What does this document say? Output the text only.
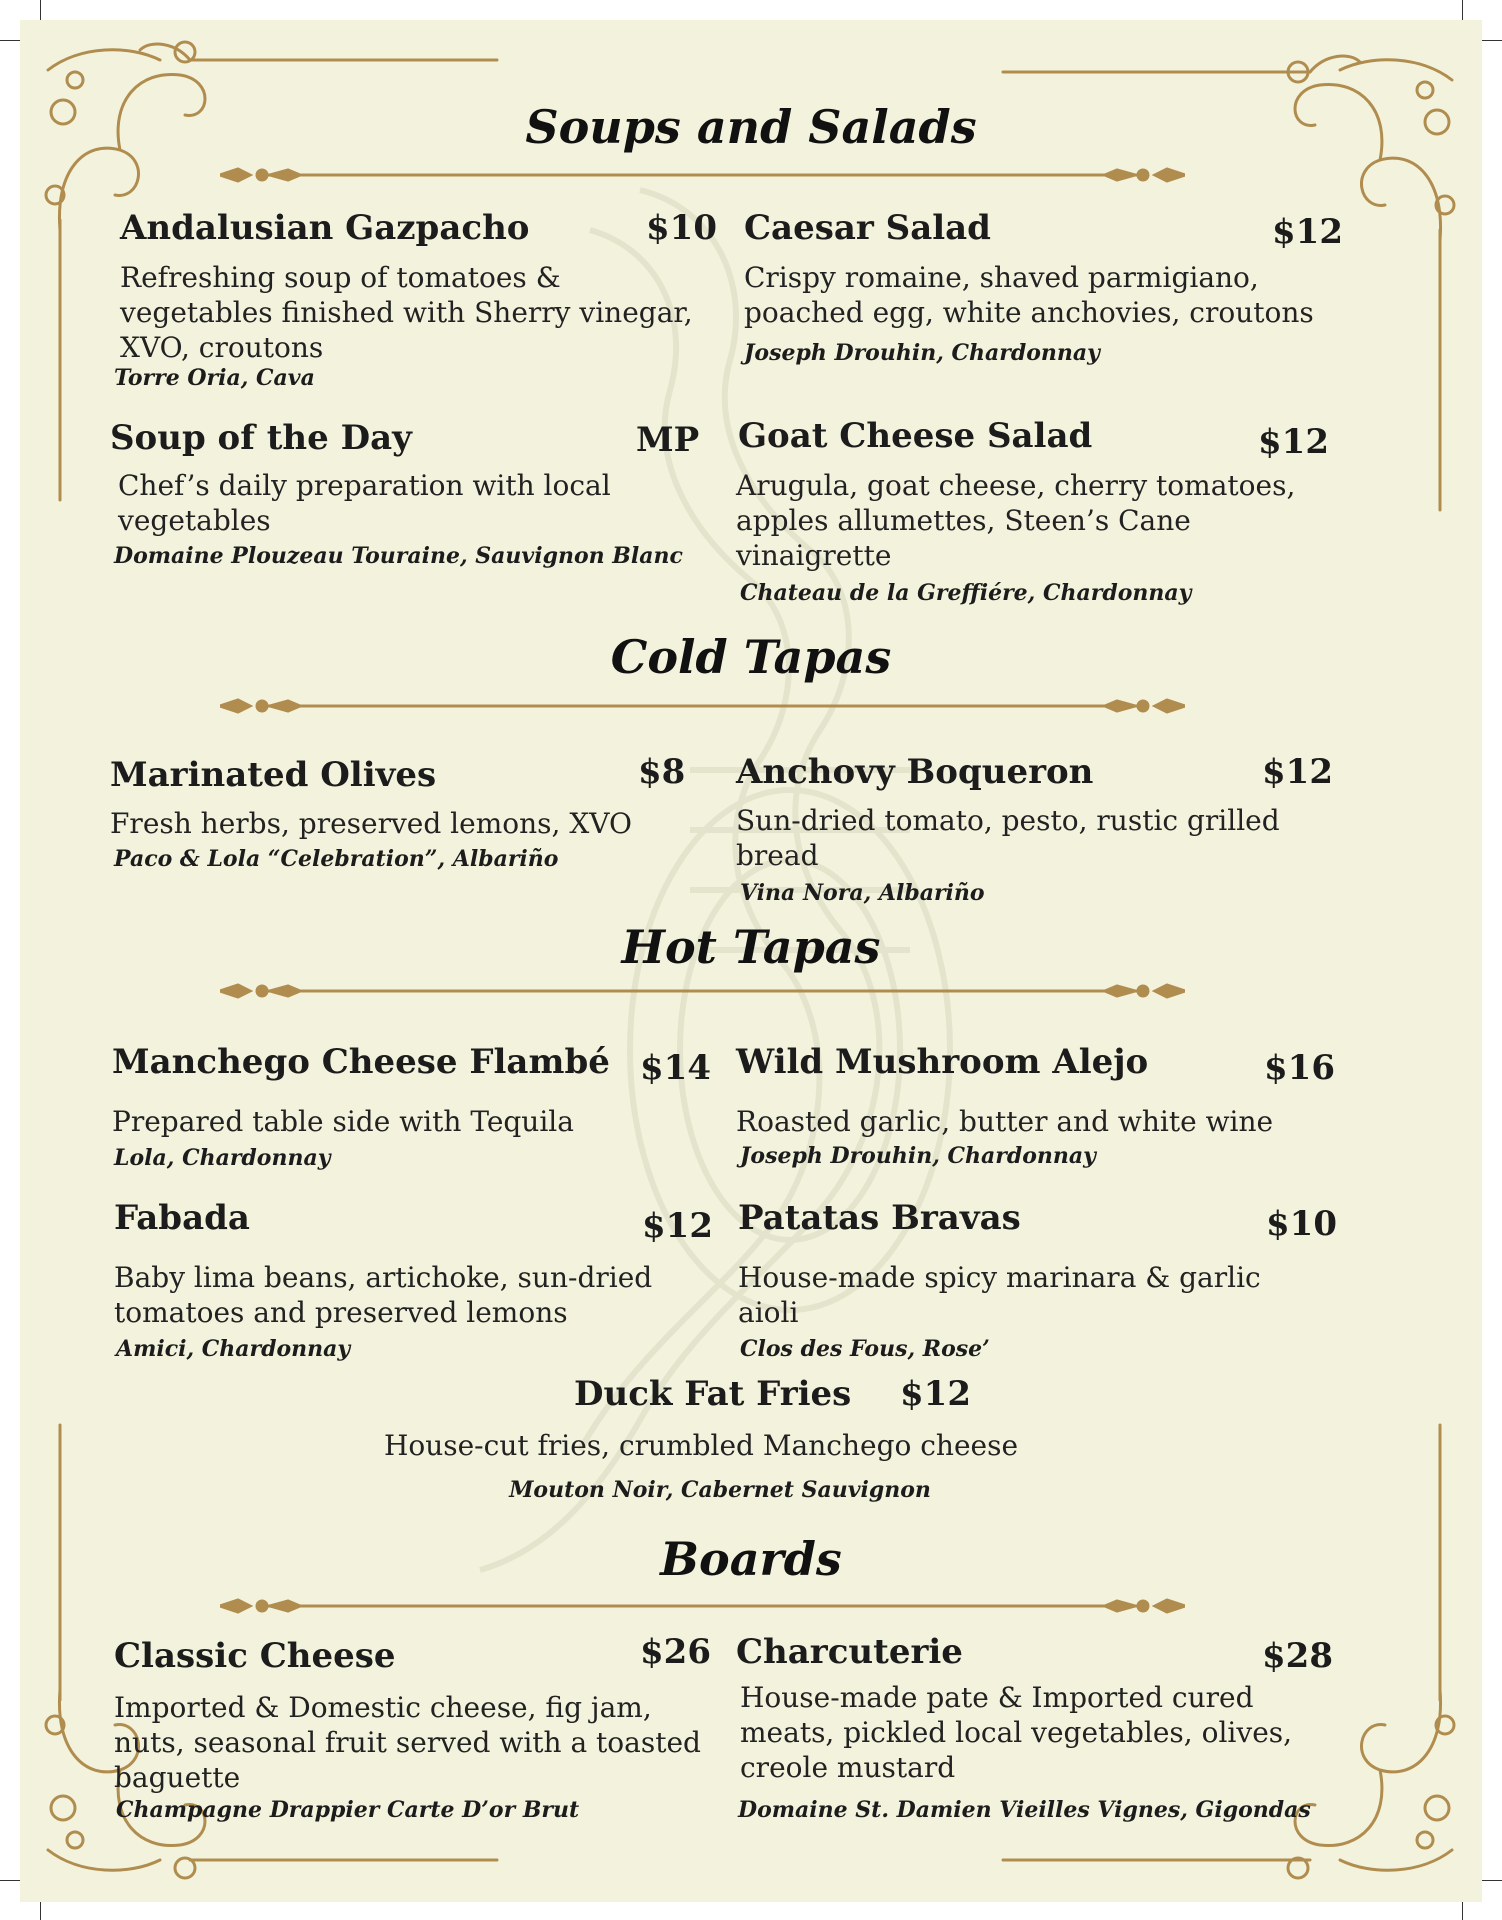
Soups and Salads
Andalusian Gazpacho	$10
Refreshing soup of tomatoes & vegetables finished with Sherry vinegar, XVO, croutons
Torre Oria, Cava
Caesar Salad	$12
Crispy romaine, shaved parmigiano, poached egg, white anchovies, croutons
Joseph Drouhin, Chardonnay
Soup of the Day	MP
Chef’s daily preparation with local vegetables
Domaine Plouzeau Touraine, Sauvignon Blanc
Goat Cheese Salad	$12
Arugula, goat cheese, cherry tomatoes, apples allumettes, Steen’s Cane vinaigrette
Chateau de la Greffiére, Chardonnay
Cold Tapas
Marinated Olives	$8
Fresh herbs, preserved lemons, XVO
Paco & Lola “Celebration”, Albariño
Anchovy Boqueron	$12
Sun-dried tomato, pesto, rustic grilled bread
Vina Nora, Albariño
Hot Tapas
Manchego Cheese Flambé $14
Prepared table side with Tequila
Lola, Chardonnay
Wild Mushroom Alejo	$16
Roasted garlic, butter and white wine
Joseph Drouhin, Chardonnay
Fabada	$12
Baby lima beans, artichoke, sun-dried tomatoes and preserved lemons
Amici, Chardonnay
Patatas Bravas	$10
House-made spicy marinara & garlic aioli
Clos des Fous, Rose’
Duck Fat Fries $12
House-cut fries, crumbled Manchego cheese
Mouton Noir, Cabernet Sauvignon
Boards
Classic Cheese	$26
Imported & Domestic cheese, fig jam, nuts, seasonal fruit served with a toasted baguette
Champagne Drappier Carte D’or Brut
Charcuterie	$28
House-made pate & Imported cured meats, pickled local vegetables, olives, creole mustard
Domaine St. Damien Vieilles Vignes, Gigondas
